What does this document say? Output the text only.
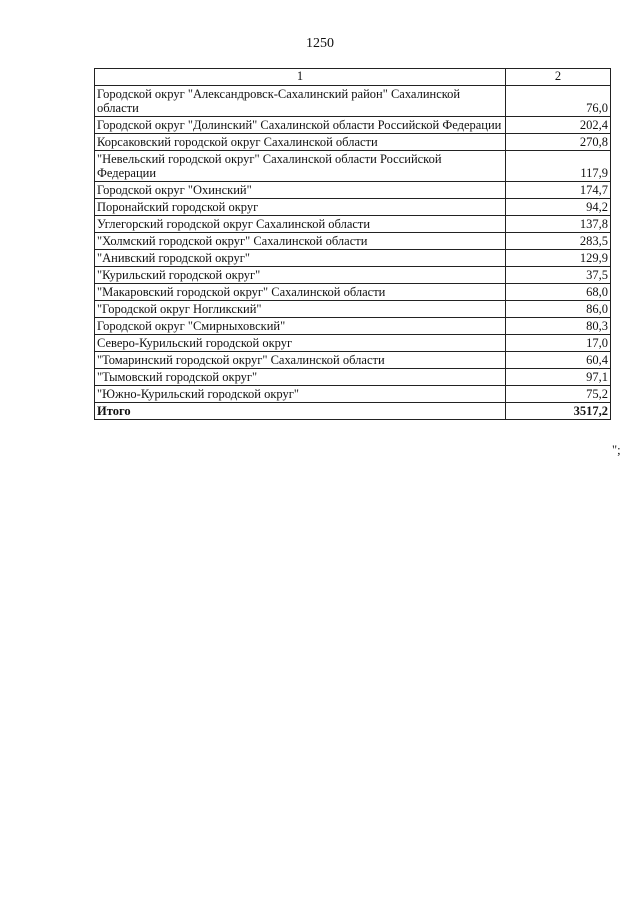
1250
1	2
Городской округ "Александровск-Сахалинский район" Сахалинской области	76,0
Городской округ "Долинский" Сахалинской области Российской Федерации	202,4
Корсаковский городской округ Сахалинской области	270,8
"Невельский городской округ" Сахалинской области Российской Федерации	117,9
Городской округ "Охинский"	174,7
Поронайский городской округ	94,2
Углегорский городской округ Сахалинской области	137,8
"Холмский городской округ" Сахалинской области	283,5
"Анивский городской округ"	129,9
"Курильский городской округ"	37,5
"Макаровский городской округ" Сахалинской области	68,0
"Городской округ Ногликский"	86,0
Городской округ "Смирныховский"	80,3
Северо-Курильский городской округ	17,0
"Томаринский городской округ" Сахалинской области	60,4
"Тымовский городской округ"	97,1
"Южно-Курильский городской округ"	75,2
Итого	3517,2
";
